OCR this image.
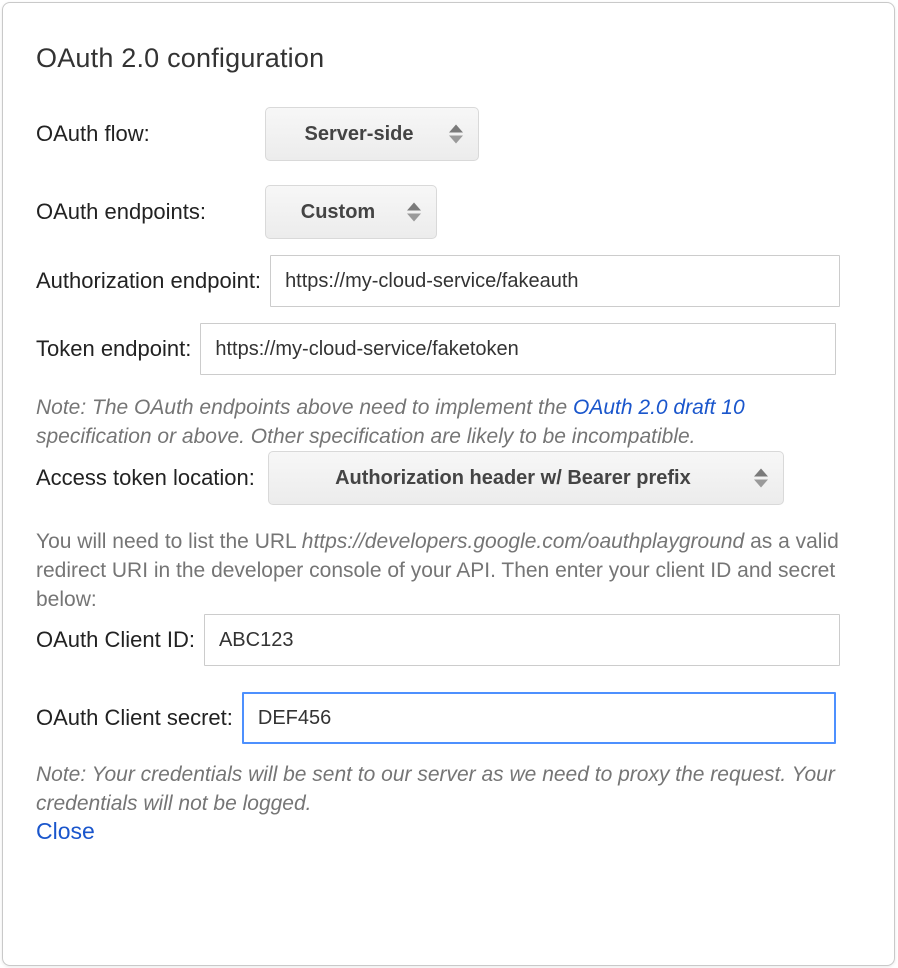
OAuth 2.0 configuration
OAuth flow:	Server-side
OAuth endpoints:	Custom
Authorization endpoint:
https://my-cloud-service/fakeauth
Token endpoint:
https://my-cloud-service/faketoken

Note: The OAuth endpoints above need to implement the OAuth 2.0 draft 10 specification or above. Other specification are likely to be incompatible.

Access token location:	Authorization header w/ Bearer prefix

You will need to list the URL https://developers.google.com/oauthplayground as a valid redirect URI in the developer console of your API. Then enter your client ID and secret below:

OAuth Client ID:
ABC123
OAuth Client secret:
DEF456

Note: Your credentials will be sent to our server as we need to proxy the request. Your credentials will not be logged.

Close
